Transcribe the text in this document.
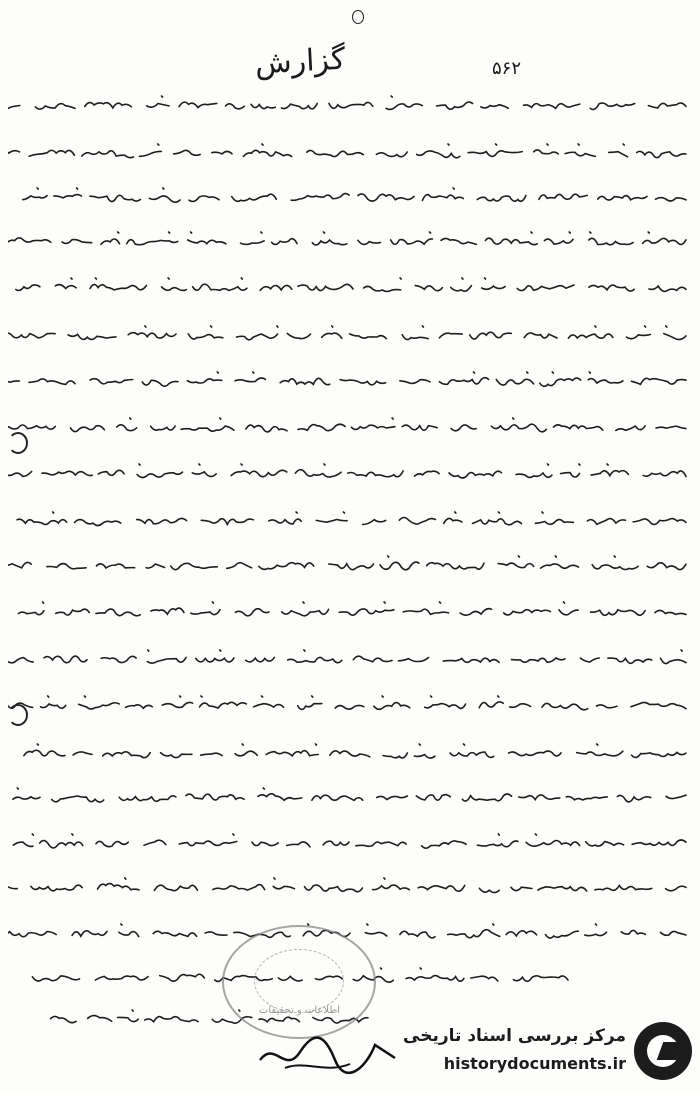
گزارش	۵۶۲
اطلاعات و تحقیقات
مرکز بررسی اسناد تاریخی
historydocuments.ir
